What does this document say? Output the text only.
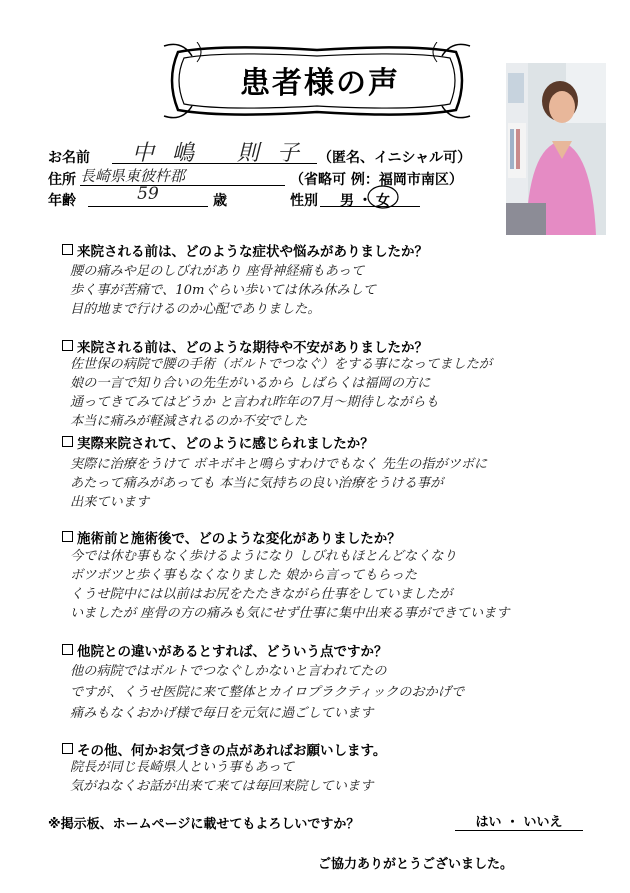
患者様の声
お名前	中嶋 則子 （匿名、イニシャル可）
住所 長崎県東彼杵郡	（省略可 例：福岡市南区）
年齢	59	歳	性別 男 ・ 女
来院される前は、どのような症状や悩みがありましたか？
腰の痛みや足のしびれがあり 座骨神経痛もあって
歩く事が苦痛で、10mぐらい歩いては休み休みして
目的地まで行けるのか心配でありました。
来院される前は、どのような期待や不安がありましたか？
佐世保の病院で腰の手術（ボルトでつなぐ）をする事になってましたが
娘の一言で知り合いの先生がいるから しばらくは福岡の方に
通ってきてみてはどうか と言われ昨年の7月～期待しながらも
本当に痛みが軽減されるのか不安でした
実際来院されて、どのように感じられましたか？
実際に治療をうけて ボキボキと鳴らすわけでもなく 先生の指がツボに
あたって痛みがあっても 本当に気持ちの良い治療をうける事が
出来ています
施術前と施術後で、どのような変化がありましたか？
今では休む事もなく歩けるようになり しびれもほとんどなくなり
ボツボツと歩く事もなくなりました 娘から言ってもらった
くうせ院中には以前はお尻をたたきながら仕事をしていましたが
いましたが 座骨の方の痛みも気にせず仕事に集中出来る事ができています
他院との違いがあるとすれば、どういう点ですか？
他の病院ではボルトでつなぐしかないと言われてたの
ですが、くうせ医院に来て整体とカイロプラクティックのおかげで
痛みもなくおかげ様で毎日を元気に過ごしています
その他、何かお気づきの点があればお願いします。
院長が同じ長崎県人という事もあって
気がねなくお話が出来て来ては毎回来院しています
※掲示板、ホームページに載せてもよろしいですか？	はい ・ いいえ
ご協力ありがとうございました。
